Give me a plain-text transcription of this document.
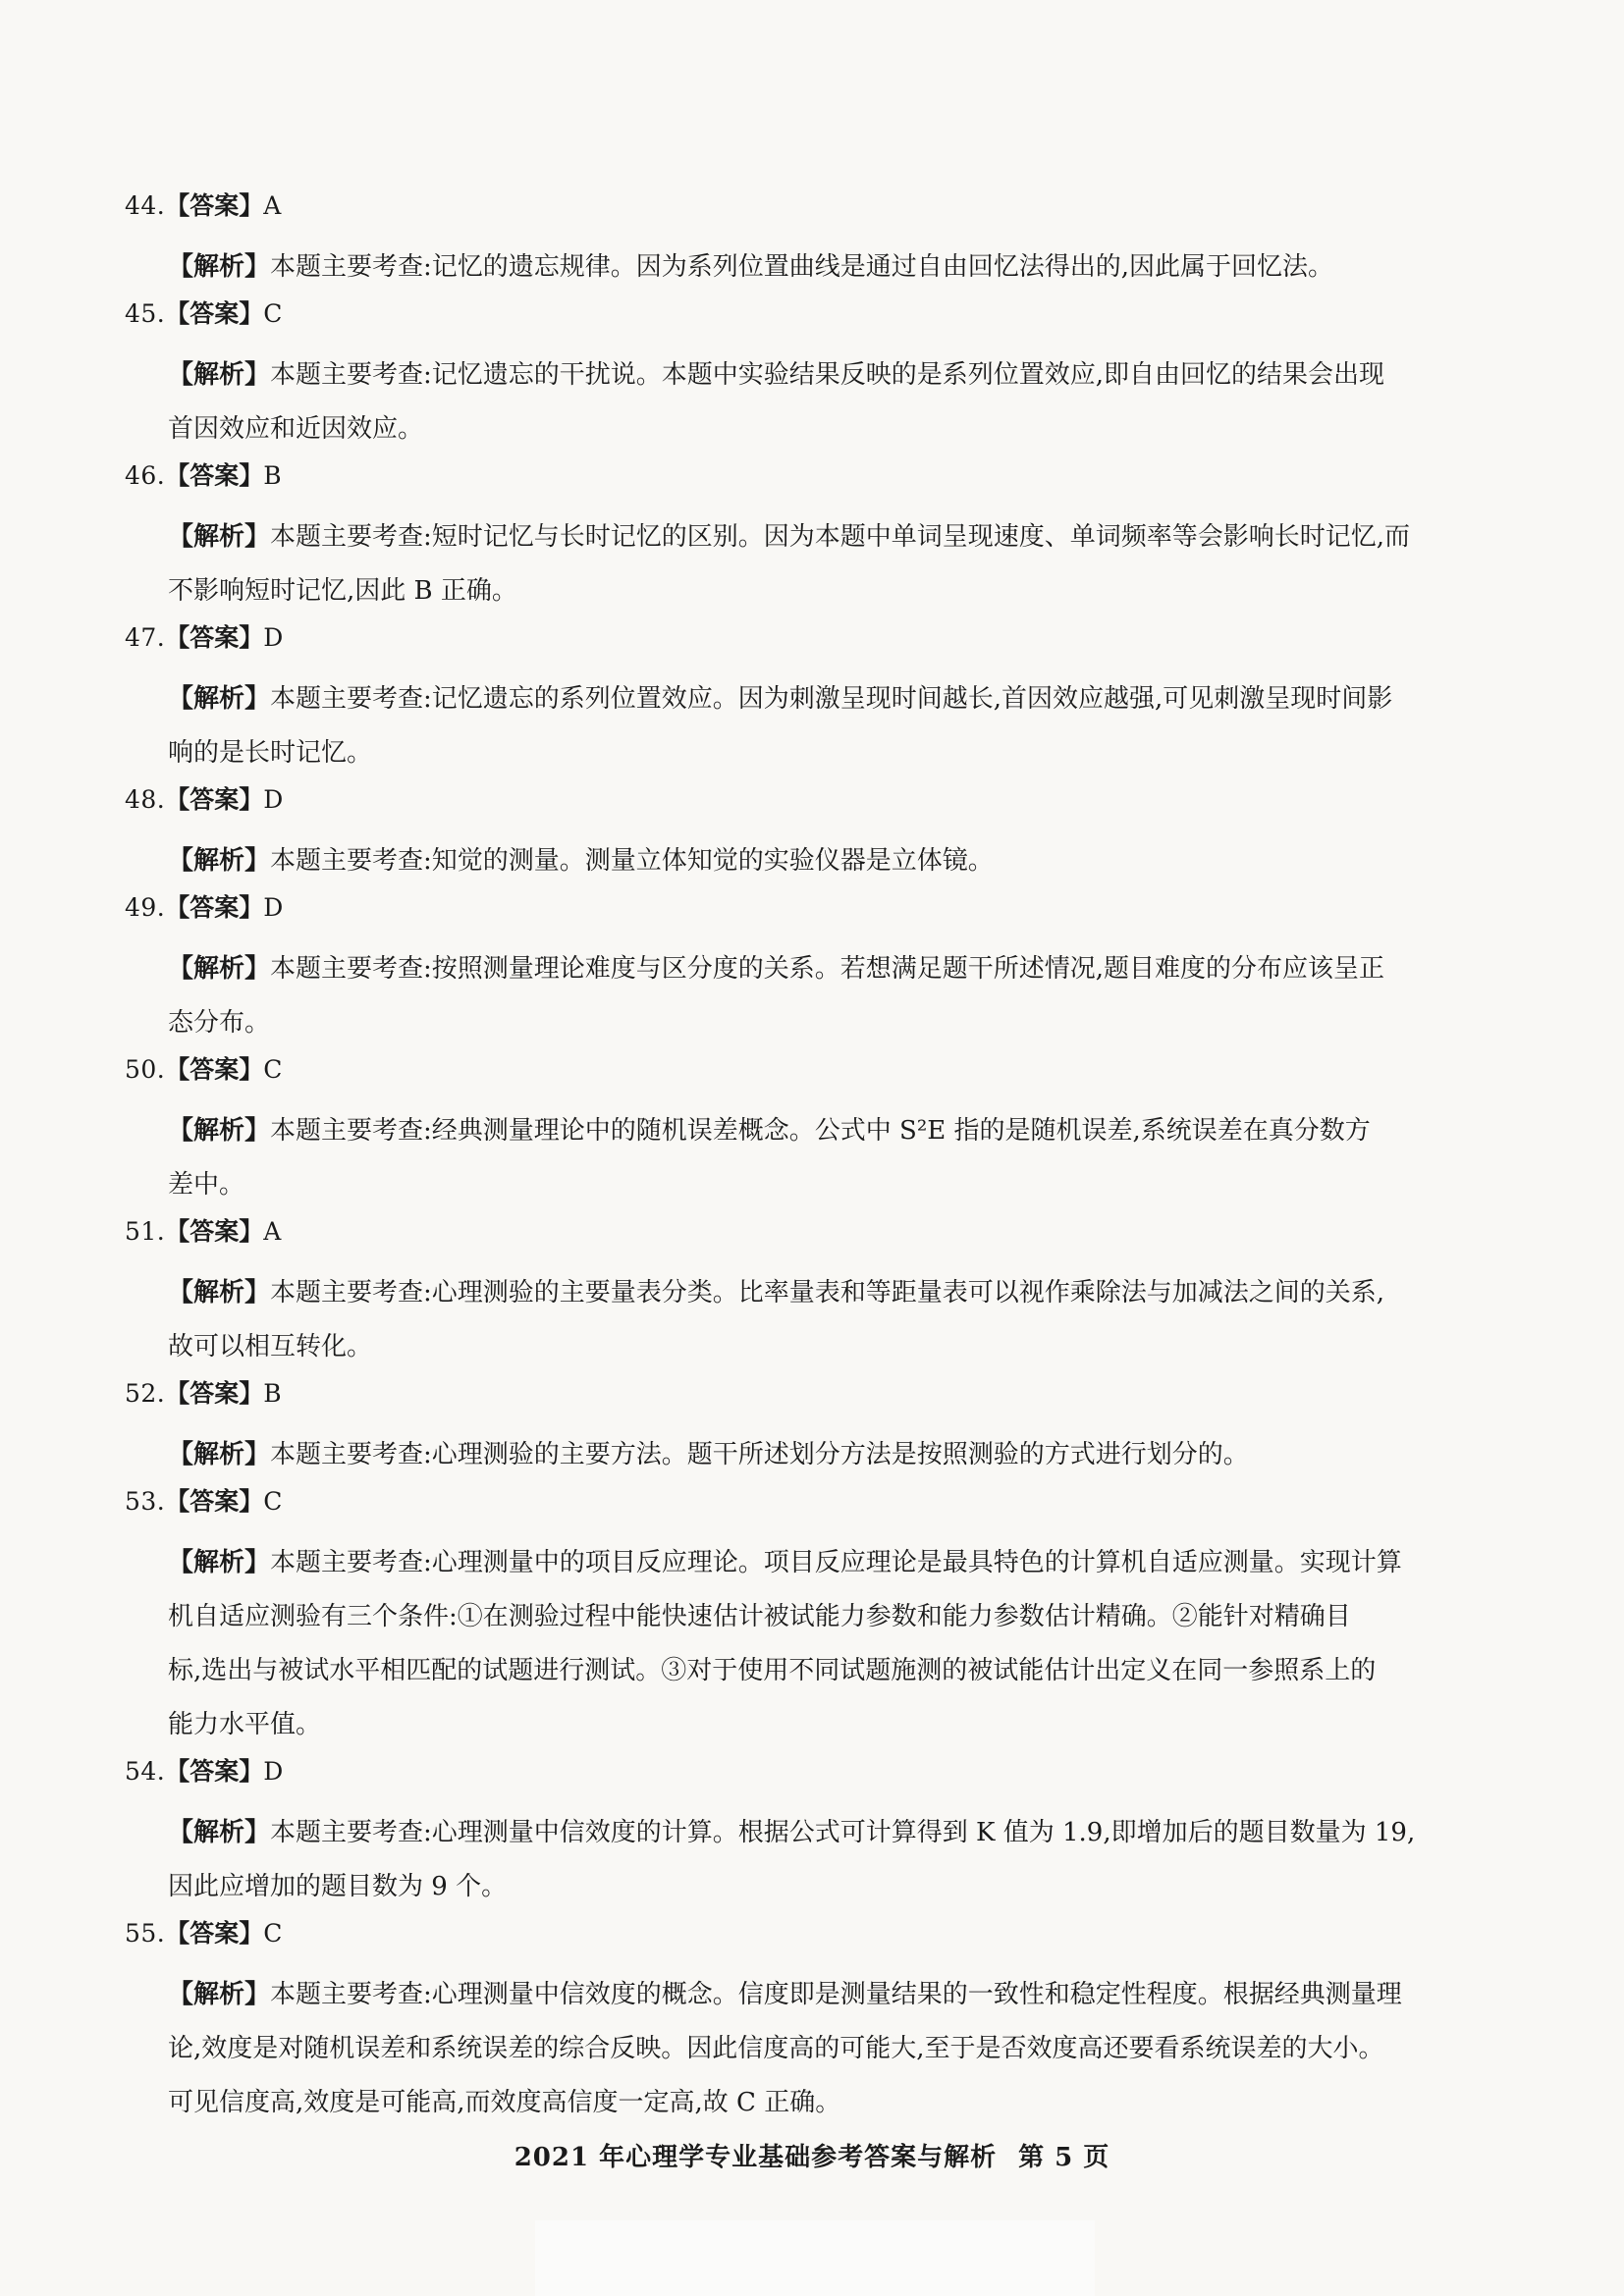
44.【答案】A
【解析】本题主要考查:记忆的遗忘规律。因为系列位置曲线是通过自由回忆法得出的,因此属于回忆法。
45.【答案】C
【解析】本题主要考查:记忆遗忘的干扰说。本题中实验结果反映的是系列位置效应,即自由回忆的结果会出现
首因效应和近因效应。
46.【答案】B
【解析】本题主要考查:短时记忆与长时记忆的区别。因为本题中单词呈现速度、单词频率等会影响长时记忆,而
不影响短时记忆,因此 B 正确。
47.【答案】D
【解析】本题主要考查:记忆遗忘的系列位置效应。因为刺激呈现时间越长,首因效应越强,可见刺激呈现时间影
响的是长时记忆。
48.【答案】D
【解析】本题主要考查:知觉的测量。测量立体知觉的实验仪器是立体镜。
49.【答案】D
【解析】本题主要考查:按照测量理论难度与区分度的关系。若想满足题干所述情况,题目难度的分布应该呈正
态分布。
50.【答案】C
【解析】本题主要考查:经典测量理论中的随机误差概念。公式中 S²E 指的是随机误差,系统误差在真分数方
差中。
51.【答案】A
【解析】本题主要考查:心理测验的主要量表分类。比率量表和等距量表可以视作乘除法与加减法之间的关系,
故可以相互转化。
52.【答案】B
【解析】本题主要考查:心理测验的主要方法。题干所述划分方法是按照测验的方式进行划分的。
53.【答案】C
【解析】本题主要考查:心理测量中的项目反应理论。项目反应理论是最具特色的计算机自适应测量。实现计算
机自适应测验有三个条件:①在测验过程中能快速估计被试能力参数和能力参数估计精确。②能针对精确目
标,选出与被试水平相匹配的试题进行测试。③对于使用不同试题施测的被试能估计出定义在同一参照系上的
能力水平值。
54.【答案】D
【解析】本题主要考查:心理测量中信效度的计算。根据公式可计算得到 K 值为 1.9,即增加后的题目数量为 19,
因此应增加的题目数为 9 个。
55.【答案】C
【解析】本题主要考查:心理测量中信效度的概念。信度即是测量结果的一致性和稳定性程度。根据经典测量理
论,效度是对随机误差和系统误差的综合反映。因此信度高的可能大,至于是否效度高还要看系统误差的大小。
可见信度高,效度是可能高,而效度高信度一定高,故 C 正确。
2021 年心理学专业基础参考答案与解析 第 5 页
